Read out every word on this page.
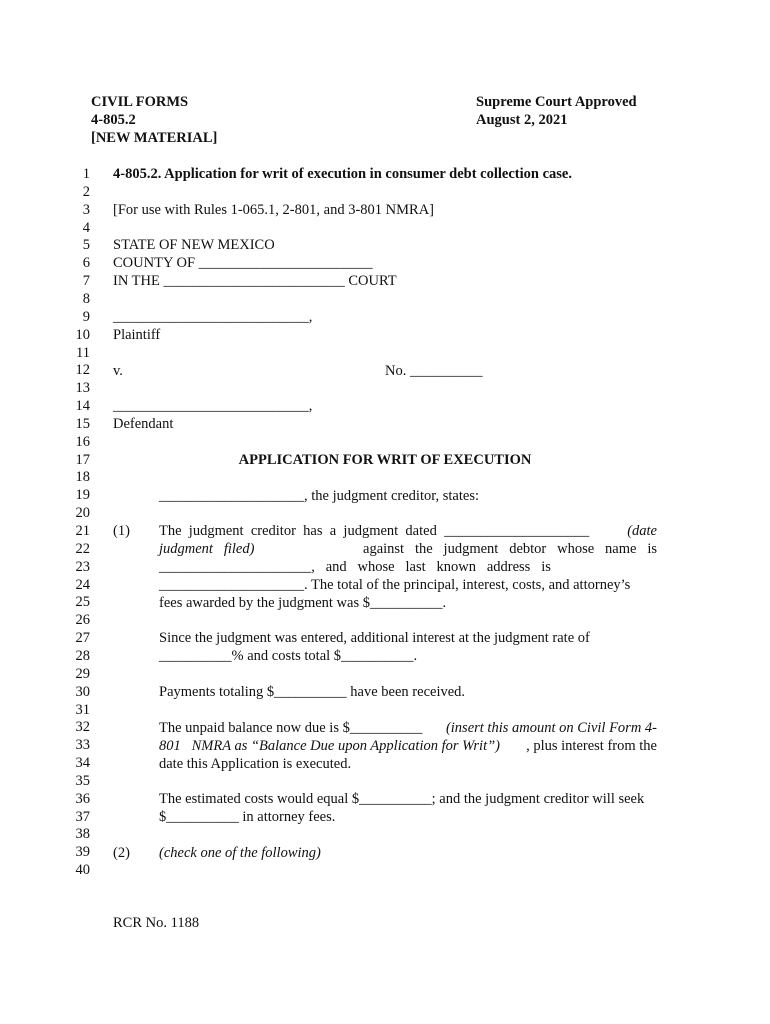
CIVIL FORMS
4-805.2
[NEW MATERIAL]
Supreme Court Approved
August 2, 2021
1
2
3
4
5
6
7
8
9
10
11
12
13
14
15
16
17
18
19
20
21
22
23
24
25
26
27
28
29
30
31
32
33
34
35
36
37
38
39
40
4-805.2. Application for writ of execution in consumer debt collection case.
[For use with Rules 1-065.1, 2-801, and 3-801 NMRA]
STATE OF NEW MEXICO
COUNTY OF ________________________
IN THE _________________________ COURT
___________________________,
Plaintiff
v.	No. __________
___________________________,
Defendant
APPLICATION FOR WRIT OF EXECUTION
____________________, the judgment creditor, states:
(1) The  judgment  creditor  has  a  judgment  dated  ____________________	(date
judgment   filed)	against   the   judgment   debtor   whose   name   is
_____________________,   and   whose   last   known   address   is
____________________. The total of the principal, interest, costs, and attorney’s
fees awarded by the judgment was $__________.
Since the judgment was entered, additional interest at the judgment rate of
__________% and costs total $__________.
Payments totaling $__________ have been received.
The unpaid balance now due is $__________ (insert this amount on Civil Form 4-
801   NMRA as “Balance Due upon Application for Writ”) , plus interest from the
date this Application is executed.
The estimated costs would equal $__________; and the judgment creditor will seek
$__________ in attorney fees.
(2) (check one of the following)
RCR No. 1188
